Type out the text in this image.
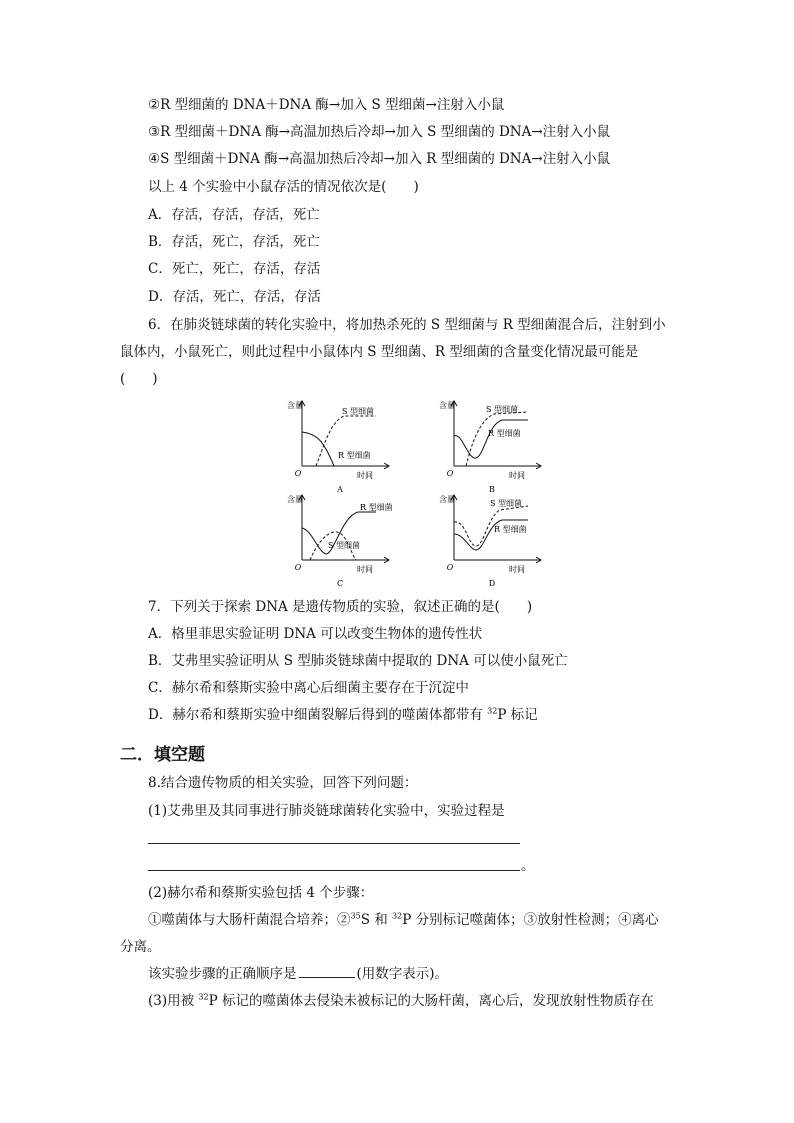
②R 型细菌的 DNA＋DNA 酶→加入 S 型细菌→注射入小鼠
③R 型细菌＋DNA 酶→高温加热后冷却→加入 S 型细菌的 DNA→注射入小鼠
④S 型细菌＋DNA 酶→高温加热后冷却→加入 R 型细菌的 DNA→注射入小鼠
以上 4 个实验中小鼠存活的情况依次是(　　)
A．存活，存活，存活，死亡
B．存活，死亡，存活，死亡
C．死亡，死亡，存活，存活
D．存活，死亡，存活，存活
6．在肺炎链球菌的转化实验中，将加热杀死的 S 型细菌与 R 型细菌混合后，注射到小
鼠体内，小鼠死亡，则此过程中小鼠体内 S 型细菌、R 型细菌的含量变化情况最可能是
(　　)
含量
O	时间
S 型细菌
R 型细菌
A
含量
O	时间
S 型细菌
R 型细菌
B
含量
O	时间
R 型细菌
S 型细菌
C
含量
O	时间
S 型细菌
R 型细菌
D
7．下列关于探索 DNA 是遗传物质的实验，叙述正确的是(　　)
A．格里菲思实验证明 DNA 可以改变生物体的遗传性状
B．艾弗里实验证明从 S 型肺炎链球菌中提取的 DNA 可以使小鼠死亡
C．赫尔希和蔡斯实验中离心后细菌主要存在于沉淀中
D．赫尔希和蔡斯实验中细菌裂解后得到的噬菌体都带有 $^{32}$P 标记
二．填空题
8.结合遗传物质的相关实验，回答下列问题：
(1)艾弗里及其同事进行肺炎链球菌转化实验中，实验过程是
。
(2)赫尔希和蔡斯实验包括 4 个步骤：
①噬菌体与大肠杆菌混合培养；②$^{35}$S 和 $^{32}$P 分别标记噬菌体；③放射性检测；④离心
分离。
该实验步骤的正确顺序是	(用数字表示)。
(3)用被 $^{32}$P 标记的噬菌体去侵染未被标记的大肠杆菌，离心后，发现放射性物质存在
